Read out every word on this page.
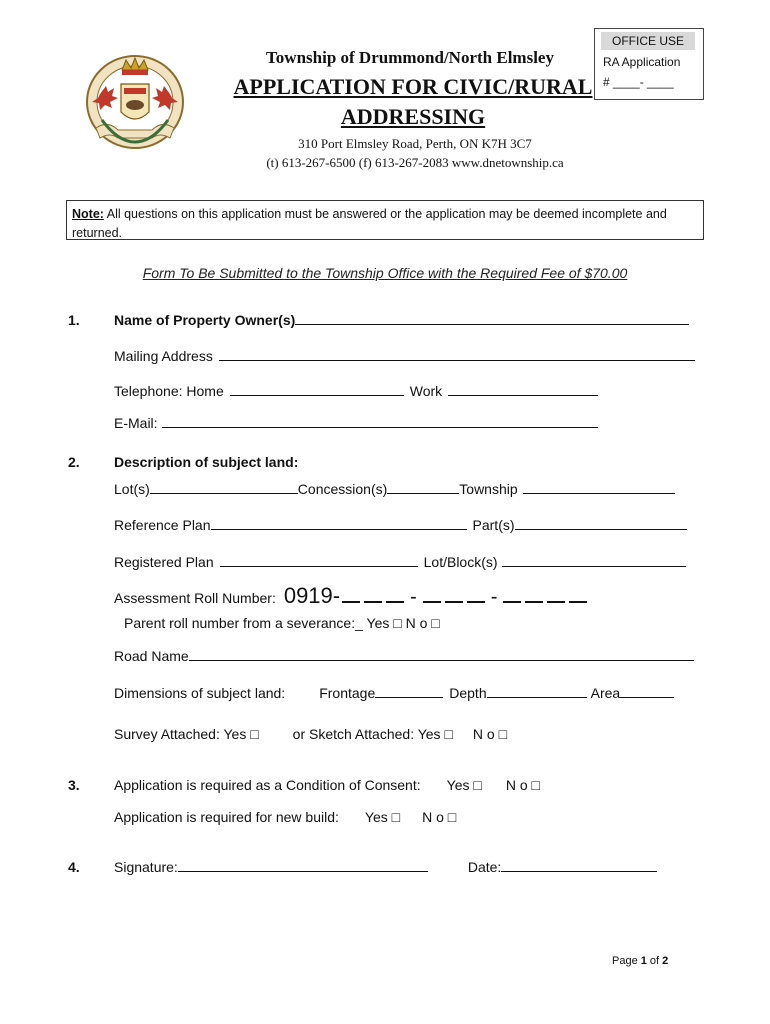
Township of Drummond/North Elmsley
APPLICATION FOR CIVIC/RURAL
ADDRESSING
310 Port Elmsley Road, Perth, ON K7H 3C7
(t) 613-267-6500 (f) 613-267-2083 www.dnetownship.ca
OFFICE USE
RA Application
# ____- ____
Note: All questions on this application must be answered or the application may be deemed incomplete and returned.
Form To Be Submitted to the Township Office with the Required Fee of $70.00
1. Name of Property Owner(s)
Mailing Address
Telephone: Home	Work
E-Mail:
2. Description of subject land:
Lot(s)	Concession(s)	Township
Reference Plan	Part(s)
Registered Plan	Lot/Block(s)
Assessment Roll Number: 0919-	-	-
Parent roll number from a severance:_ Yes □ N o □
Road Name
Dimensions of subject land: Frontage	Depth	Area
Survey Attached: Yes □ or Sketch Attached: Yes □ N o □
3. Application is required as a Condition of Consent: Yes □ N o □
Application is required for new build: Yes □ N o □
4. Signature:	Date:
Page 1 of 2
